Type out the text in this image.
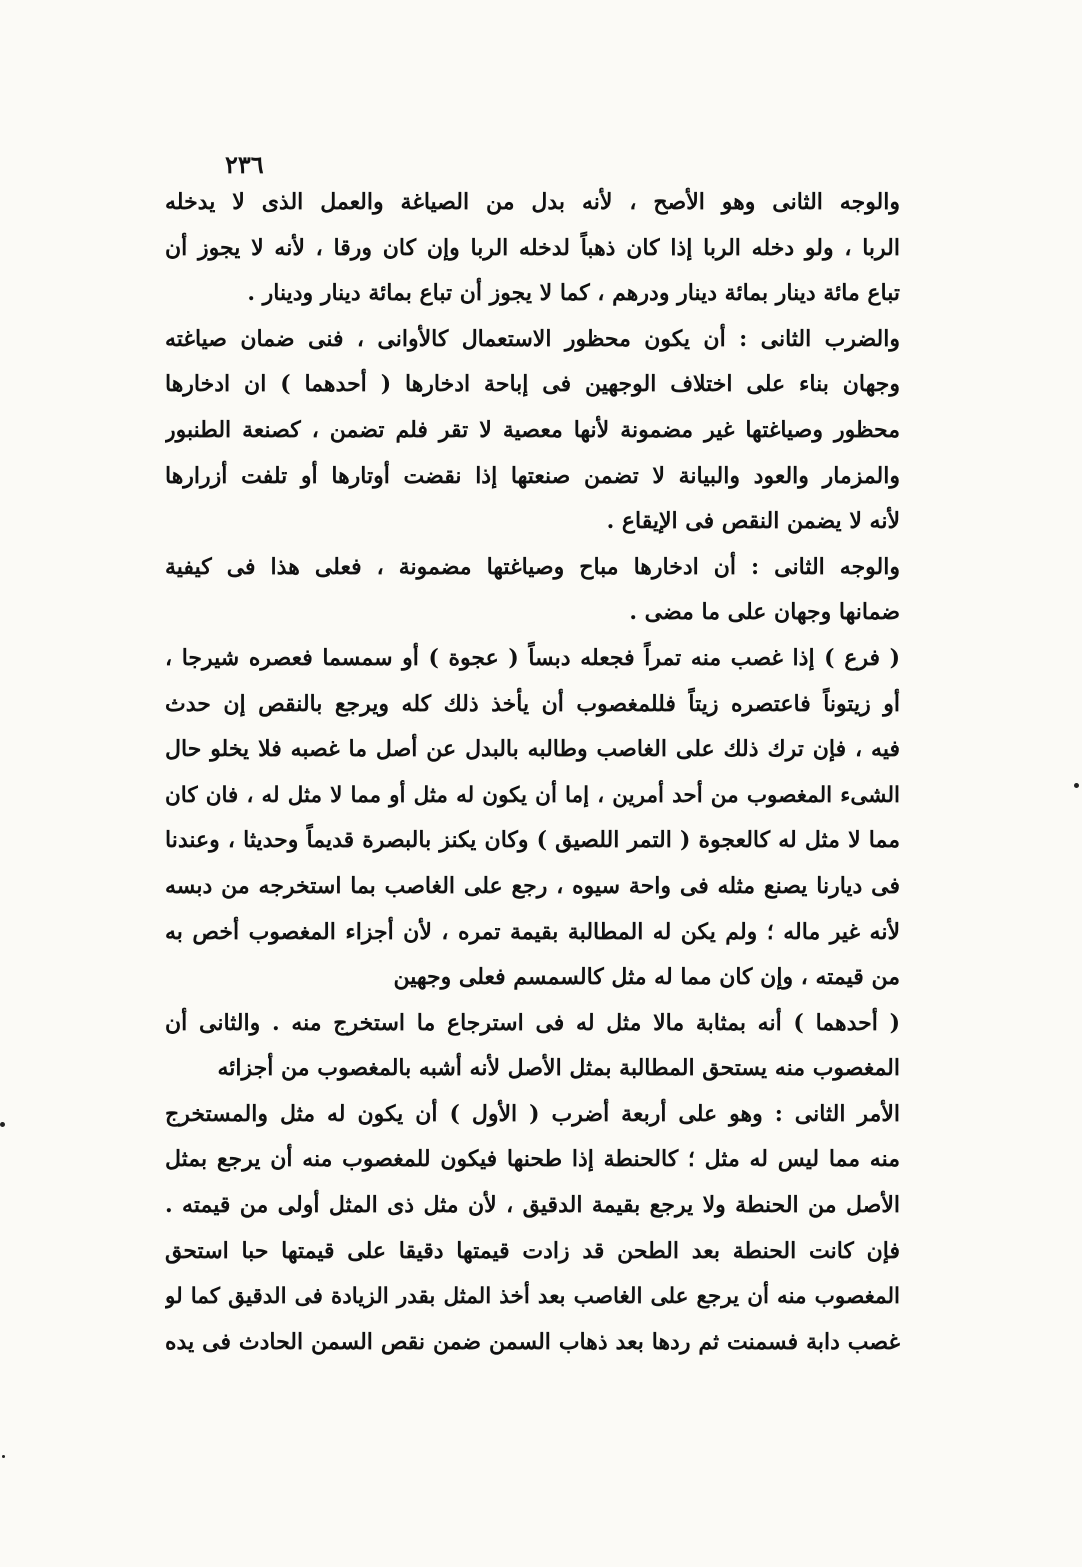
٢٣٦
والوجه الثانى وهو الأصح ، لأنه بدل من الصياغة والعمل الذى لا يدخله
الربا ، ولو دخله الربا إذا كان ذهباً لدخله الربا وإن كان ورقا ، لأنه لا يجوز أن
تباع مائة دينار بمائة دينار ودرهم ، كما لا يجوز أن تباع بمائة دينار ودينار .
والضرب الثانى : أن يكون محظور الاستعمال كالأوانى ، فنى ضمان صياغته
وجهان بناء على اختلاف الوجهين فى إباحة ادخارها ( أحدهما ) ان ادخارها
محظور وصياغتها غير مضمونة لأنها معصية لا تقر فلم تضمن ، كصنعة الطنبور
والمزمار والعود والبيانة لا تضمن صنعتها إذا نقضت أوتارها أو تلفت أزرارها
لأنه لا يضمن النقص فى الإيقاع .
والوجه الثانى : أن ادخارها مباح وصياغتها مضمونة ، فعلى هذا فى كيفية
ضمانها وجهان على ما مضى .
( فرع ) إذا غصب منه تمراً فجعله دبساً ( عجوة ) أو سمسما فعصره شيرجا ،
أو زيتوناً فاعتصره زيتاً فللمغصوب أن يأخذ ذلك كله ويرجع بالنقص إن حدث
فيه ، فإن ترك ذلك على الغاصب وطالبه بالبدل عن أصل ما غصبه فلا يخلو حال
الشىء المغصوب من أحد أمرين ، إما أن يكون له مثل أو مما لا مثل له ، فان كان
مما لا مثل له كالعجوة ( التمر اللصيق ) وكان يكنز بالبصرة قديماً وحديثا ، وعندنا
فى ديارنا يصنع مثله فى واحة سيوه ، رجع على الغاصب بما استخرجه من دبسه
لأنه غير ماله ؛ ولم يكن له المطالبة بقيمة تمره ، لأن أجزاء المغصوب أخص به
من قيمته ، وإن كان مما له مثل كالسمسم فعلى وجهين
( أحدهما ) أنه بمثابة مالا مثل له فى استرجاع ما استخرج منه . والثانى أن
المغصوب منه يستحق المطالبة بمثل الأصل لأنه أشبه بالمغصوب من أجزائه
الأمر الثانى : وهو على أربعة أضرب ( الأول ) أن يكون له مثل والمستخرج
منه مما ليس له مثل ؛ كالحنطة إذا طحنها فيكون للمغصوب منه أن يرجع بمثل
الأصل من الحنطة ولا يرجع بقيمة الدقيق ، لأن مثل ذى المثل أولى من قيمته .
فإن كانت الحنطة بعد الطحن قد زادت قيمتها دقيقا على قيمتها حبا استحق
المغصوب منه أن يرجع على الغاصب بعد أخذ المثل بقدر الزيادة فى الدقيق كما لو
غصب دابة فسمنت ثم ردها بعد ذهاب السمن ضمن نقص السمن الحادث فى يده
